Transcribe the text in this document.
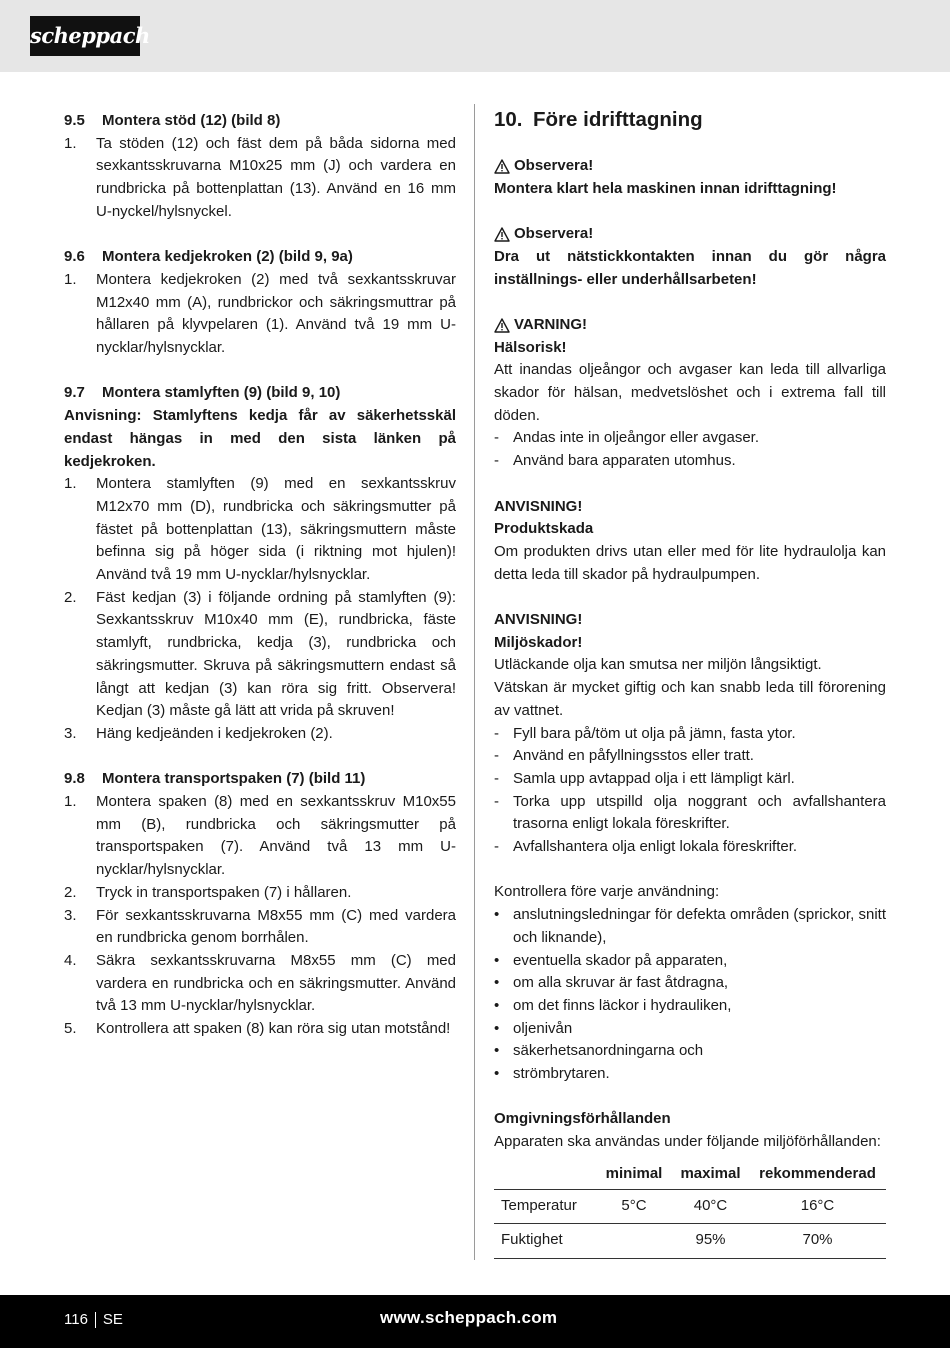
scheppach
9.5	Montera stöd (12) (bild 8)
1.	Ta stöden (12) och fäst dem på båda sidorna med sexkantsskruvarna M10x25 mm (J) och vardera en rundbricka på bottenplattan (13). Använd en 16 mm U-nyckel/hylsnyckel.
9.6	Montera kedjekroken (2) (bild 9, 9a)
1.	Montera kedjekroken (2) med två sexkantsskruvar M12x40 mm (A), rundbrickor och säkringsmuttrar på hållaren på klyvpelaren (1). Använd två 19 mm U-nycklar/hylsnycklar.
9.7	Montera stamlyften (9) (bild 9, 10)
Anvisning: Stamlyftens kedja får av säkerhetsskäl endast hängas in med den sista länken på kedjekroken.
1.	Montera stamlyften (9) med en sexkantsskruv M12x70 mm (D), rundbricka och säkringsmutter på fästet på bottenplattan (13), säkringsmuttern måste befinna sig på höger sida (i riktning mot hjulen)! Använd två 19 mm U-nycklar/hylsnycklar.
2.	Fäst kedjan (3) i följande ordning på stamlyften (9): Sexkantsskruv M10x40 mm (E), rundbricka, fäste stamlyft, rundbricka, kedja (3), rundbricka och säkringsmutter. Skruva på säkringsmuttern endast så långt att kedjan (3) kan röra sig fritt. Observera! Kedjan (3) måste gå lätt att vrida på skruven!
3.	Häng kedjeänden i kedjekroken (2).
9.8	Montera transportspaken (7) (bild 11)
1.	Montera spaken (8) med en sexkantsskruv M10x55 mm (B), rundbricka och säkringsmutter på transportspaken (7). Använd två 13 mm U-nycklar/hylsnycklar.
2.	Tryck in transportspaken (7) i hållaren.
3.	För sexkantsskruvarna M8x55 mm (C) med vardera en rundbricka genom borrhålen.
4.	Säkra sexkantsskruvarna M8x55 mm (C) med vardera en rundbricka och en säkringsmutter. Använd två 13 mm U-nycklar/hylsnycklar.
5.	Kontrollera att spaken (8) kan röra sig utan motstånd!
10. Före idrifttagning
Observera!
Montera klart hela maskinen innan idrifttagning!
Observera!
Dra ut nätstickkontakten innan du gör några inställnings- eller underhållsarbeten!
VARNING!
Hälsorisk!
Att inandas oljeångor och avgaser kan leda till allvarliga skador för hälsan, medvetslöshet och i extrema fall till döden.
- Andas inte in oljeångor eller avgaser.
- Använd bara apparaten utomhus.
ANVISNING!
Produktskada
Om produkten drivs utan eller med för lite hydraulolja kan detta leda till skador på hydraulpumpen.
ANVISNING!
Miljöskador!
Utläckande olja kan smutsa ner miljön långsiktigt.
Vätskan är mycket giftig och kan snabb leda till förorening av vattnet.
- Fyll bara på/töm ut olja på jämn, fasta ytor.
- Använd en påfyllningsstos eller tratt.
- Samla upp avtappad olja i ett lämpligt kärl.
- Torka upp utspilld olja noggrant och avfallshantera trasorna enligt lokala föreskrifter.
- Avfallshantera olja enligt lokala föreskrifter.
Kontrollera före varje användning:
• anslutningsledningar för defekta områden (sprickor, snitt och liknande),
• eventuella skador på apparaten,
• om alla skruvar är fast åtdragna,
• om det finns läckor i hydrauliken,
• oljenivån
• säkerhetsanordningarna och
• strömbrytaren.
Omgivningsförhållanden
Apparaten ska användas under följande miljöförhållanden:
	minimal	maximal	rekommenderad
Temperatur	5°C	40°C	16°C
Fuktighet		95%	70%
116 SE	www.scheppach.com
